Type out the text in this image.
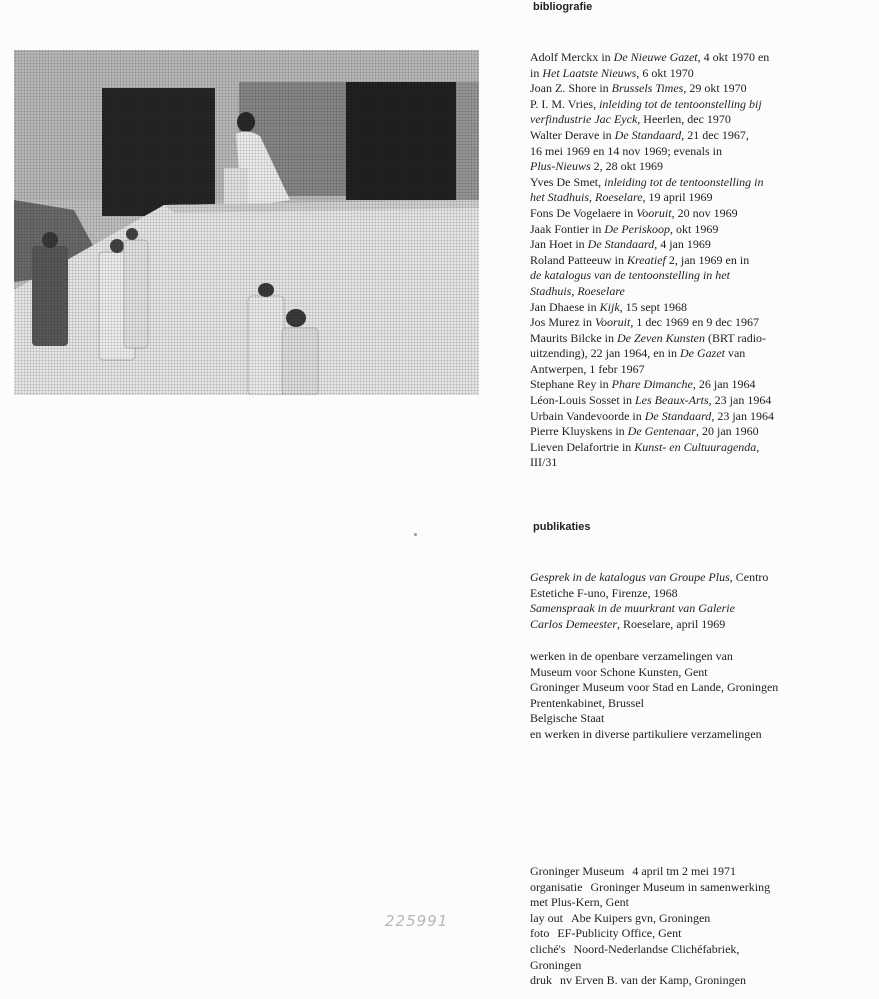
bibliografie
Adolf Merckx in De Nieuwe Gazet, 4 okt 1970 en
in Het Laatste Nieuws, 6 okt 1970
Joan Z. Shore in Brussels Times, 29 okt 1970
P. I. M. Vries, inleiding tot de tentoonstelling bij
verfindustrie Jac Eyck, Heerlen, dec 1970
Walter Derave in De Standaard, 21 dec 1967,
16 mei 1969 en 14 nov 1969; evenals in
Plus-Nieuws 2, 28 okt 1969
Yves De Smet, inleiding tot de tentoonstelling in
het Stadhuis, Roeselare, 19 april 1969
Fons De Vogelaere in Vooruit, 20 nov 1969
Jaak Fontier in De Periskoop, okt 1969
Jan Hoet in De Standaard, 4 jan 1969
Roland Patteeuw in Kreatief 2, jan 1969 en in
de katalogus van de tentoonstelling in het
Stadhuis, Roeselare
Jan Dhaese in Kijk, 15 sept 1968
Jos Murez in Vooruit, 1 dec 1969 en 9 dec 1967
Maurits Bilcke in De Zeven Kunsten (BRT radio-
uitzending), 22 jan 1964, en in De Gazet van
Antwerpen, 1 febr 1967
Stephane Rey in Phare Dimanche, 26 jan 1964
Léon-Louis Sosset in Les Beaux-Arts, 23 jan 1964
Urbain Vandevoorde in De Standaard, 23 jan 1964
Pierre Kluyskens in De Gentenaar, 20 jan 1960
Lieven Delafortrie in Kunst- en Cultuuragenda,
III/31
publikaties
Gesprek in de katalogus van Groupe Plus, Centro
Estetiche F-uno, Firenze, 1968
Samenspraak in de muurkrant van Galerie
Carlos Demeester, Roeselare, april 1969
werken in de openbare verzamelingen van
Museum voor Schone Kunsten, Gent
Groninger Museum voor Stad en Lande, Groningen
Prentenkabinet, Brussel
Belgische Staat
en werken in diverse partikuliere verzamelingen
Groninger Museum 4 april tm 2 mei 1971
organisatie Groninger Museum in samenwerking
met Plus-Kern, Gent
lay out Abe Kuipers gvn, Groningen
foto EF-Publicity Office, Gent
cliché's Noord-Nederlandse Clichéfabriek,
Groningen
druk nv Erven B. van der Kamp, Groningen
225991
